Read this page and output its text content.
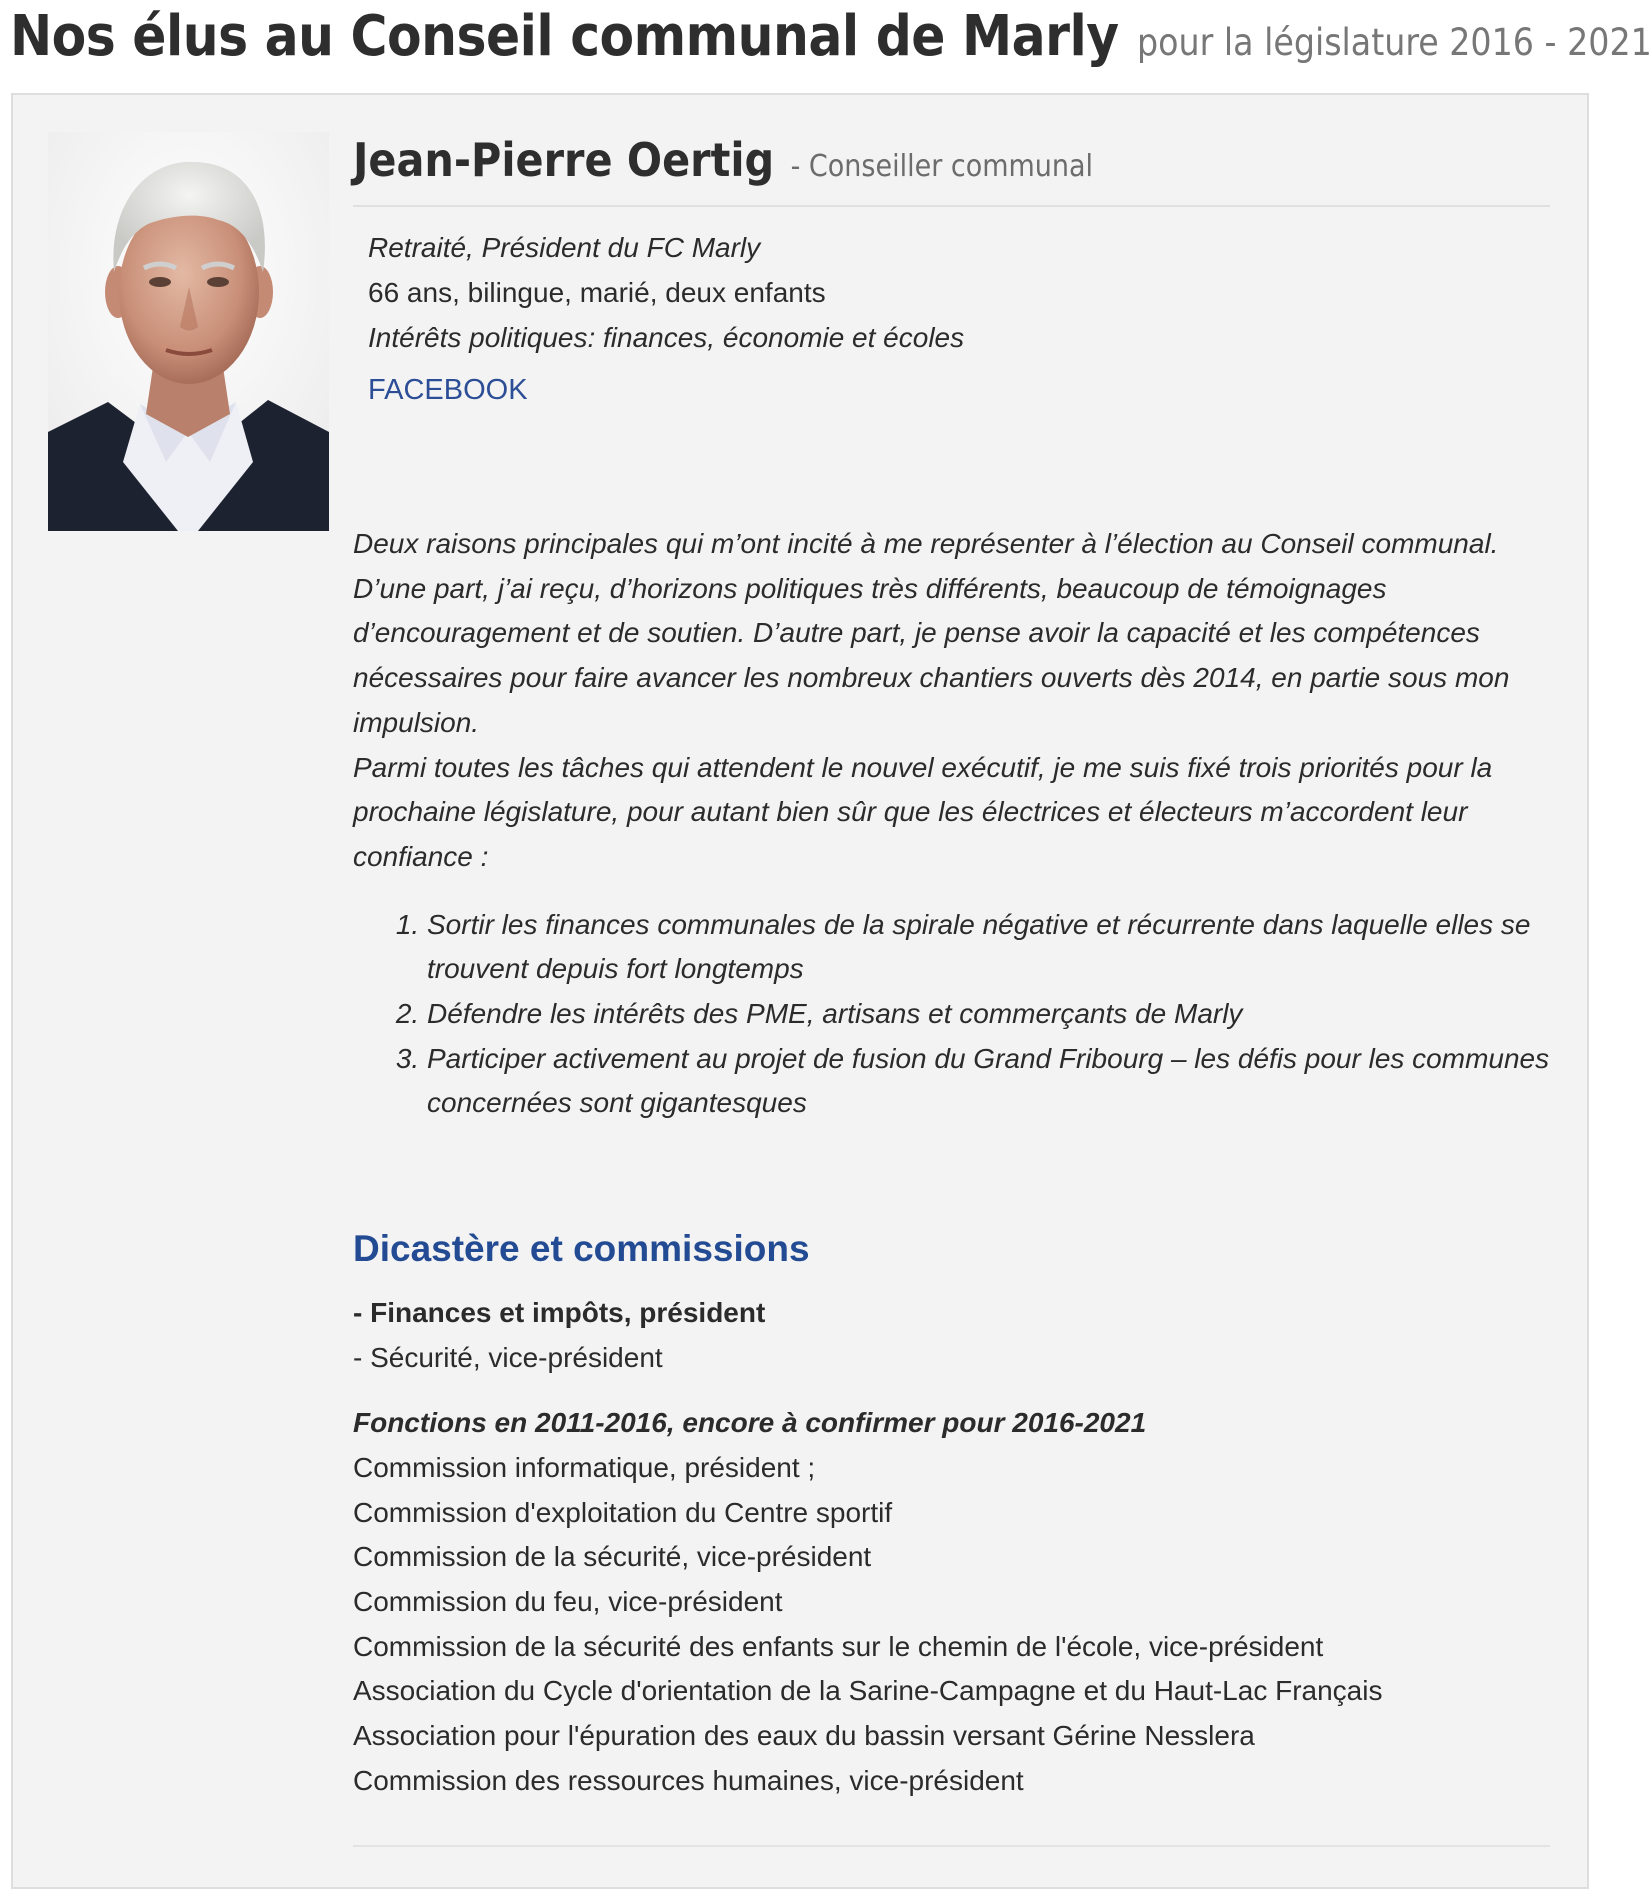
Nos élus au Conseil communal de Marly pour la législature 2016 - 2021
Jean-Pierre Oertig - Conseiller communal
Retraité, Président du FC Marly
66 ans, bilingue, marié, deux enfants
Intérêts politiques: finances, économie et écoles
FACEBOOK

Deux raisons principales qui m’ont incité à me représenter à l’élection au Conseil communal. D’une part, j’ai reçu, d’horizons politiques très différents, beaucoup de témoignages d’encouragement et de soutien. D’autre part, je pense avoir la capacité et les compétences nécessaires pour faire avancer les nombreux chantiers ouverts dès 2014, en partie sous mon impulsion.

Parmi toutes les tâches qui attendent le nouvel exécutif, je me suis fixé trois priorités pour la prochaine législature, pour autant bien sûr que les électrices et électeurs m’accordent leur confiance :

1. Sortir les finances communales de la spirale négative et récurrente dans laquelle elles se trouvent depuis fort longtemps
2. Défendre les intérêts des PME, artisans et commerçants de Marly
3. Participer activement au projet de fusion du Grand Fribourg – les défis pour les communes concernées sont gigantesques
Dicastère et commissions
- Finances et impôts, président
- Sécurité, vice-président
Fonctions en 2011-2016, encore à confirmer pour 2016-2021
Commission informatique, président ;
Commission d'exploitation du Centre sportif
Commission de la sécurité, vice-président
Commission du feu, vice-président
Commission de la sécurité des enfants sur le chemin de l'école, vice-président
Association du Cycle d'orientation de la Sarine-Campagne et du Haut-Lac Français
Association pour l'épuration des eaux du bassin versant Gérine Nesslera
Commission des ressources humaines, vice-président
